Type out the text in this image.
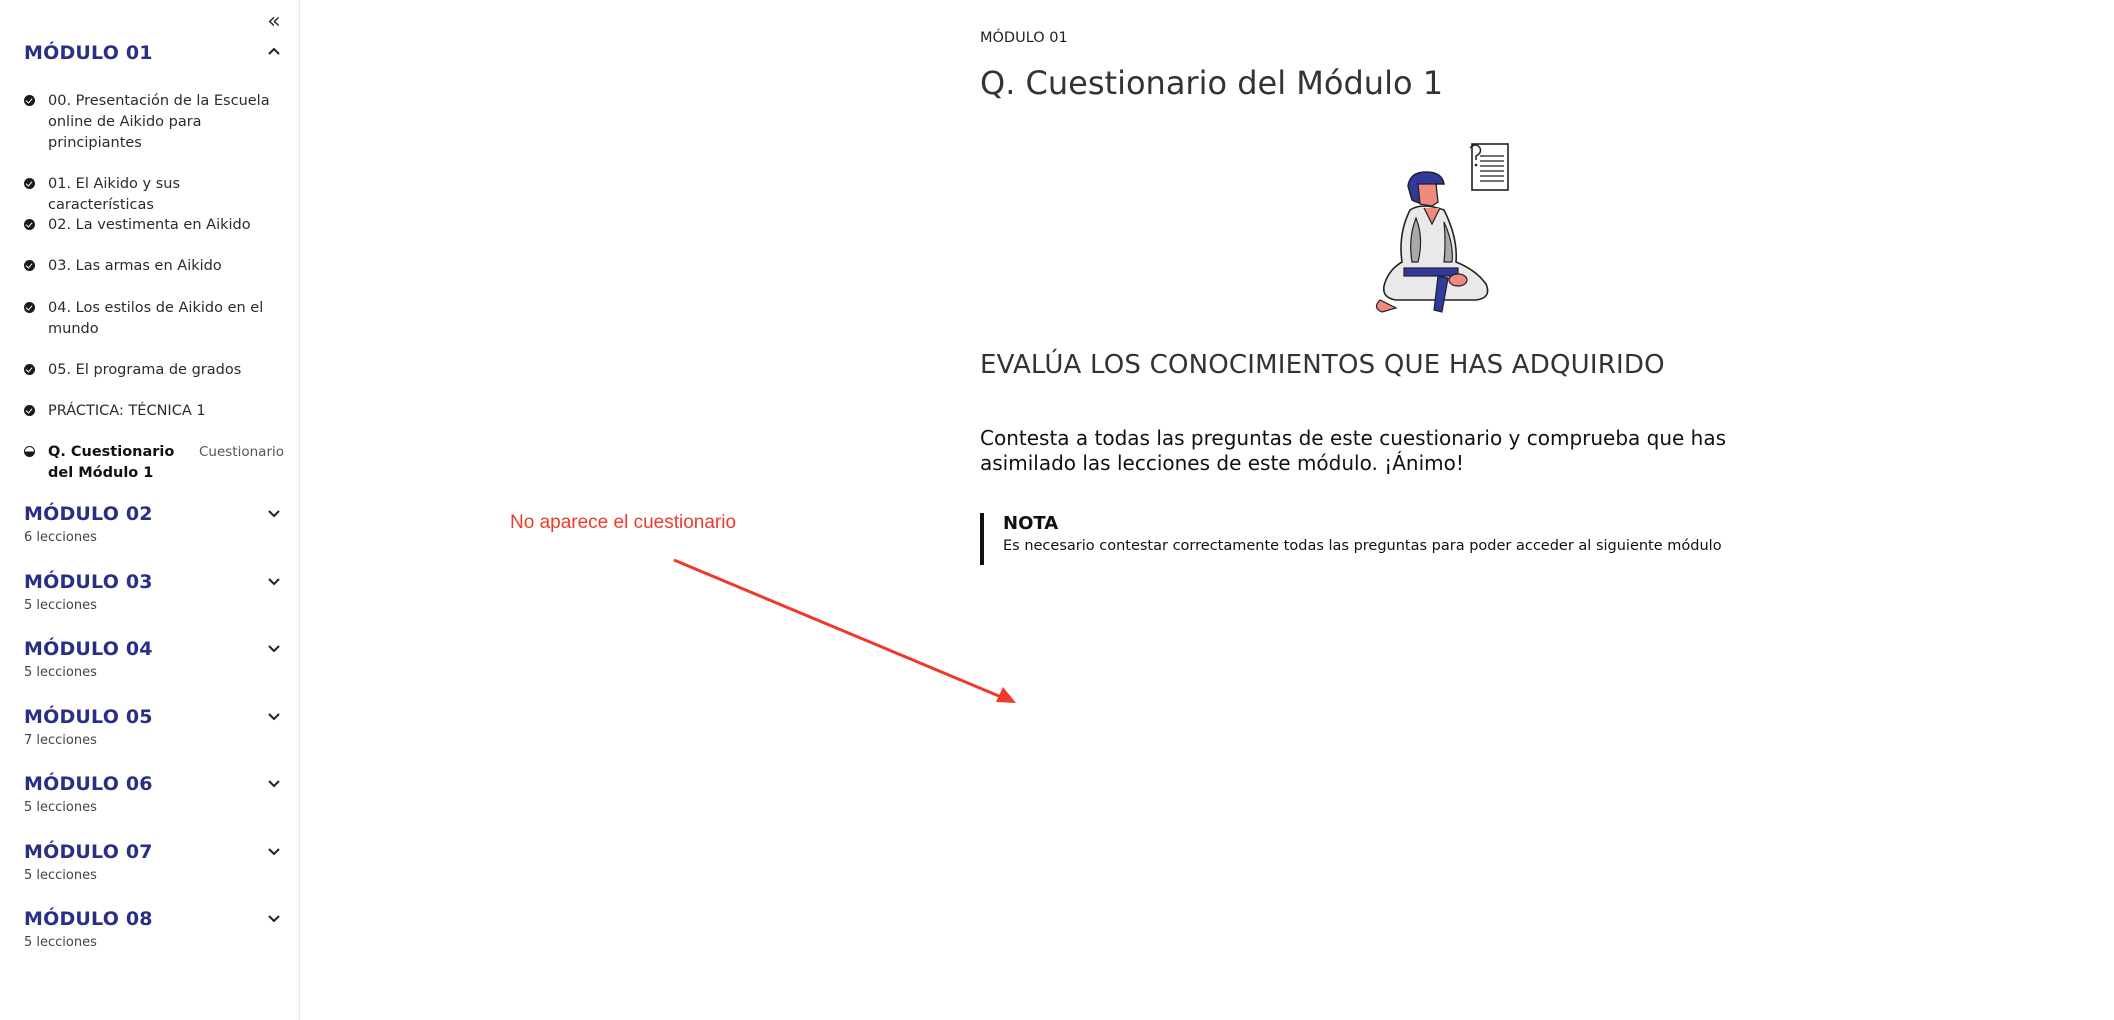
«
MÓDULO 01
00. Presentación de la Escuela online de Aikido para principiantes
01. El Aikido y sus características
02. La vestimenta en Aikido
03. Las armas en Aikido
04. Los estilos de Aikido en el mundo
05. El programa de grados
PRÁCTICA: TÉCNICA 1
Q. Cuestionario del Módulo 1
Cuestionario
MÓDULO 02
6 lecciones
MÓDULO 03
5 lecciones
MÓDULO 04
5 lecciones
MÓDULO 05
7 lecciones
MÓDULO 06
5 lecciones
MÓDULO 07
5 lecciones
MÓDULO 08
5 lecciones
MÓDULO 01
Q. Cuestionario del Módulo 1
EVALÚA LOS CONOCIMIENTOS QUE HAS ADQUIRIDO

Contesta a todas las preguntas de este cuestionario y comprueba que has asimilado las lecciones de este módulo. ¡Ánimo!

NOTA
Es necesario contestar correctamente todas las preguntas para poder acceder al siguiente módulo
No aparece el cuestionario
